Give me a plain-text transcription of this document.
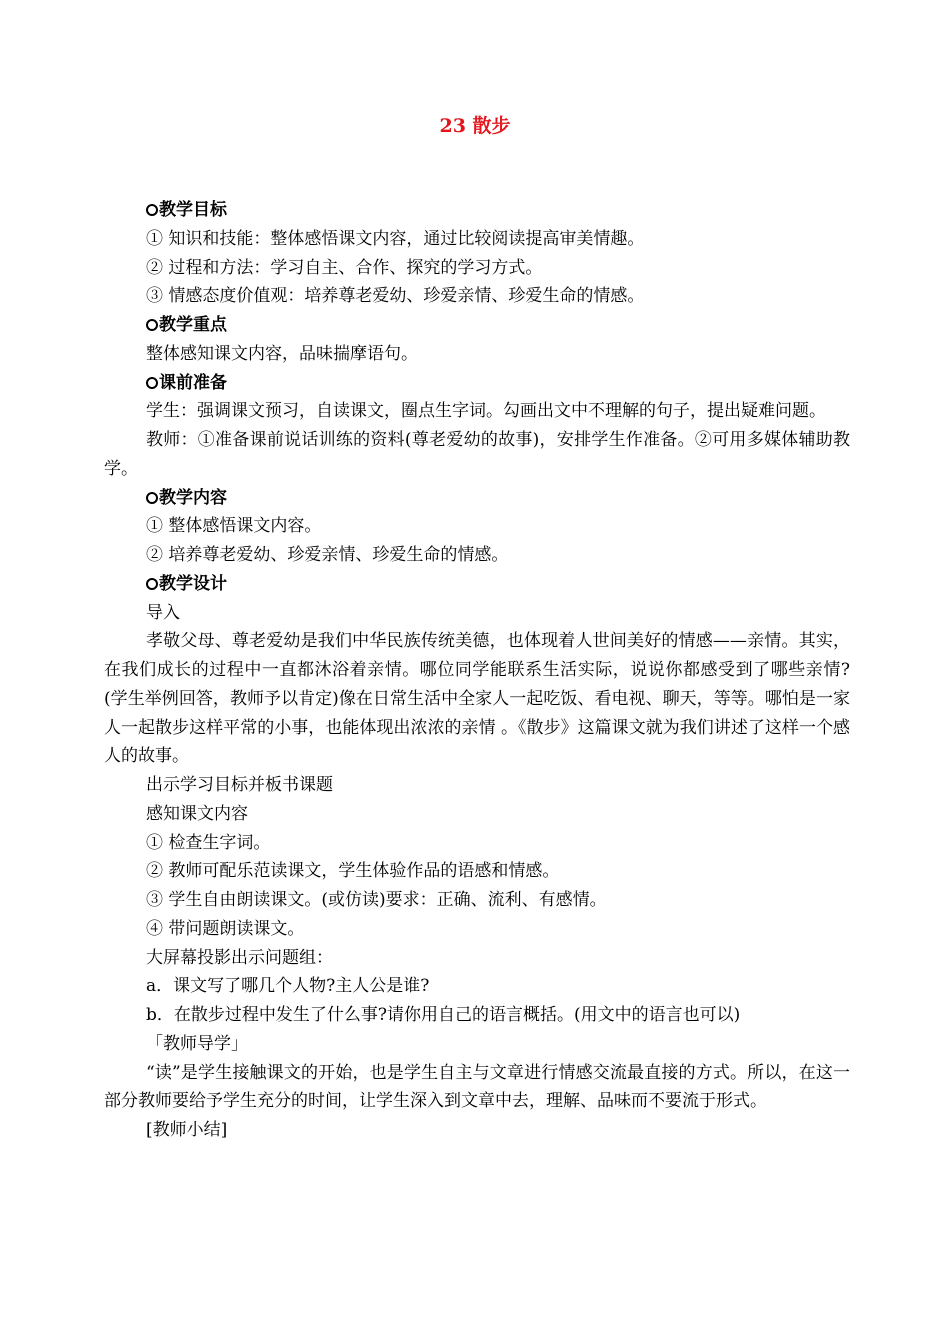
23 散步

教学目标

① 知识和技能：整体感悟课文内容，通过比较阅读提高审美情趣。

② 过程和方法：学习自主、合作、探究的学习方式。

③ 情感态度价值观：培养尊老爱幼、珍爱亲情、珍爱生命的情感。

教学重点

整体感知课文内容，品味揣摩语句。

课前准备

学生：强调课文预习，自读课文，圈点生字词。勾画出文中不理解的句子，提出疑难问题。

教师：①准备课前说话训练的资料(尊老爱幼的故事)，安排学生作准备。②可用多媒体辅助教学。

教学内容

① 整体感悟课文内容。

② 培养尊老爱幼、珍爱亲情、珍爱生命的情感。

教学设计

导入

孝敬父母、尊老爱幼是我们中华民族传统美德，也体现着人世间美好的情感——亲情。其实，在我们成长的过程中一直都沐浴着亲情。哪位同学能联系生活实际，说说你都感受到了哪些亲情?(学生举例回答，教师予以肯定)像在日常生活中全家人一起吃饭、看电视、聊天，等等。哪怕是一家人一起散步这样平常的小事，也能体现出浓浓的亲情 。《散步》这篇课文就为我们讲述了这样一个感人的故事。

出示学习目标并板书课题

感知课文内容

① 检查生字词。

② 教师可配乐范读课文，学生体验作品的语感和情感。

③ 学生自由朗读课文。(或仿读)要求：正确、流利、有感情。

④ 带问题朗读课文。

大屏幕投影出示问题组：

a．课文写了哪几个人物?主人公是谁?

b．在散步过程中发生了什么事?请你用自己的语言概括。(用文中的语言也可以)

「教师导学」

“读”是学生接触课文的开始，也是学生自主与文章进行情感交流最直接的方式。所以，在这一部分教师要给予学生充分的时间，让学生深入到文章中去，理解、品味而不要流于形式。

[教师小结]
